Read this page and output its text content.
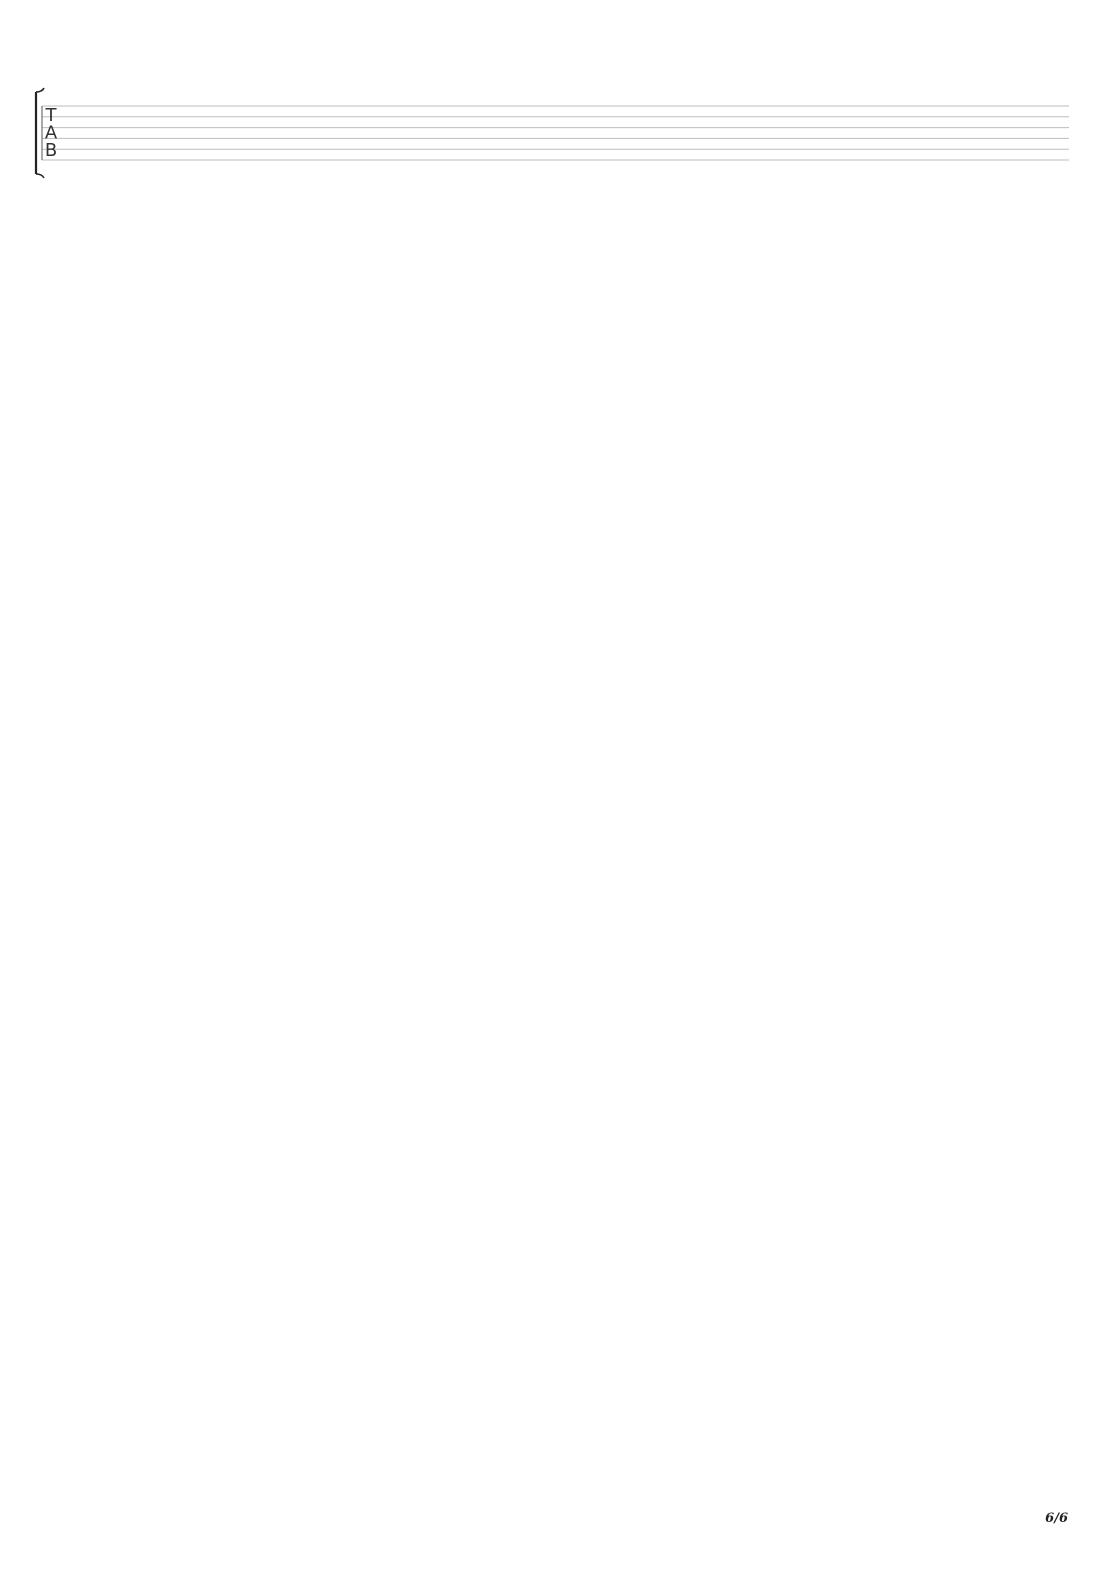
T
A
B
6/6
